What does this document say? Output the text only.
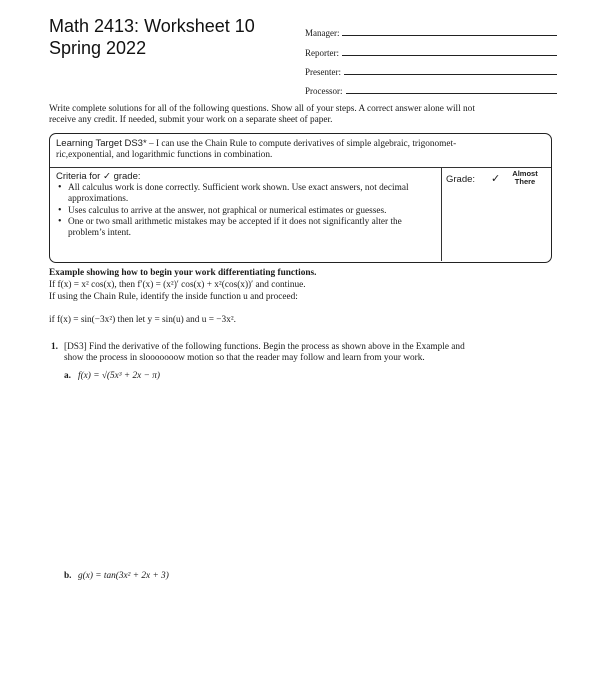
Math 2413: Worksheet 10
Spring 2022
Manager:
Reporter:
Presenter:
Processor:
Write complete solutions for all of the following questions. Show all of your steps. A correct answer alone will not
receive any credit. If needed, submit your work on a separate sheet of paper.
Learning Target DS3* – I can use the Chain Rule to compute derivatives of simple algebraic, trigonomet-
ric,exponential, and logarithmic functions in combination.
Criteria for ✓ grade:
• All calculus work is done correctly. Sufficient work shown. Use exact answers, not decimal approximations.
• Uses calculus to arrive at the answer, not graphical or numerical estimates or guesses.
• One or two small arithmetic mistakes may be accepted if it does not significantly alter the problem’s intent.
Grade: ✓	Almost
There
Example showing how to begin your work differentiating functions.
If f(x) = x² cos(x), then f′(x) = (x²)′ cos(x) + x²(cos(x))′ and continue.
If using the Chain Rule, identify the inside function u and proceed:
if f(x) = sin(−3x²) then let y = sin(u) and u = −3x².
1. [DS3] Find the derivative of the following functions. Begin the process as shown above in the Example and
show the process in slooooooow motion so that the reader may follow and learn from your work.
a. f(x) = √(5x³ + 2x − π)
b. g(x) = tan(3x² + 2x + 3)
